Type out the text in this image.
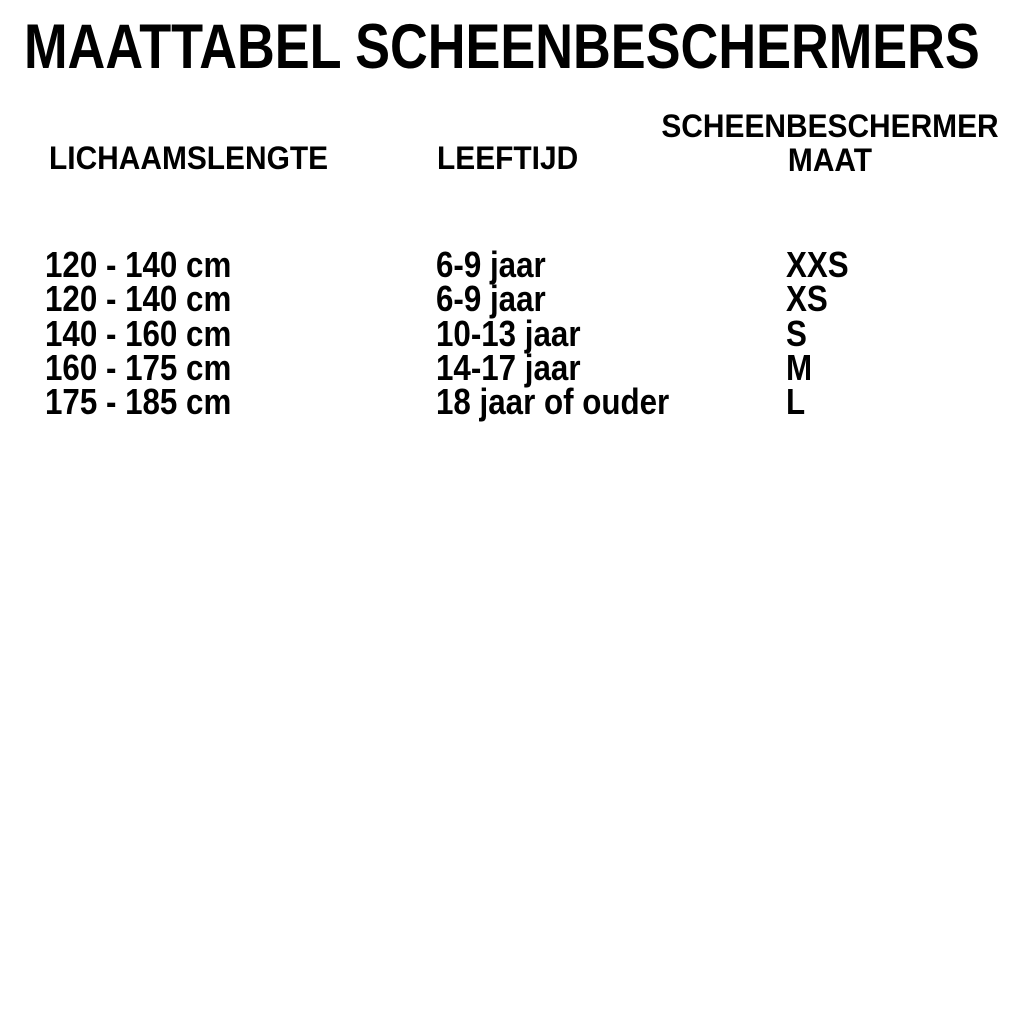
MAATTABEL SCHEENBESCHERMERS
LICHAAMSLENGTE	LEEFTIJD
SCHEENBESCHERMER
MAAT
120 - 140 cm	6-9 jaar	XXS
120 - 140 cm	6-9 jaar	XS
140 - 160 cm	10-13 jaar	S
160 - 175 cm	14-17 jaar	M
175 - 185 cm	18 jaar of ouder	L
